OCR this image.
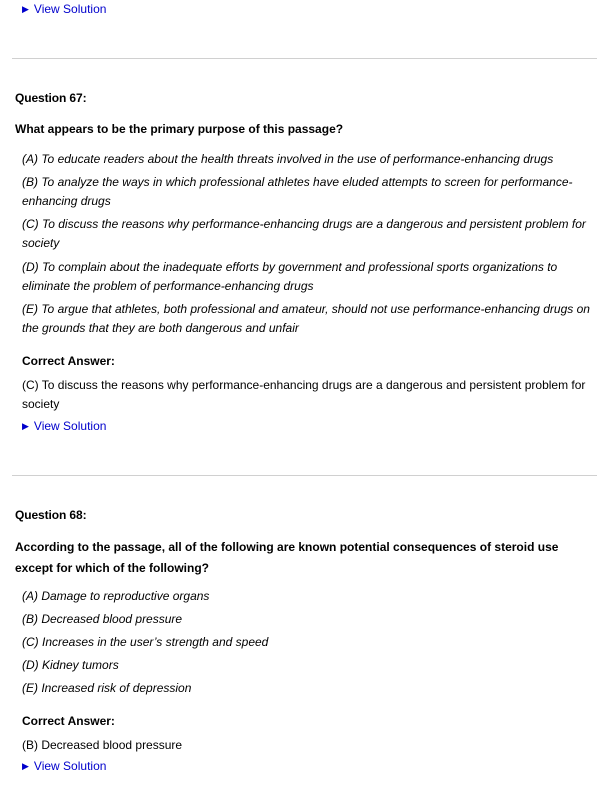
▶ View Solution
Question 67:
What appears to be the primary purpose of this passage?
(A) To educate readers about the health threats involved in the use of performance-enhancing drugs
(B) To analyze the ways in which professional athletes have eluded attempts to screen for performance-enhancing drugs
(C) To discuss the reasons why performance-enhancing drugs are a dangerous and persistent problem for society
(D) To complain about the inadequate efforts by government and professional sports organizations to eliminate the problem of performance-enhancing drugs
(E) To argue that athletes, both professional and amateur, should not use performance-enhancing drugs on the grounds that they are both dangerous and unfair
Correct Answer:
(C) To discuss the reasons why performance-enhancing drugs are a dangerous and persistent problem for society
▶ View Solution
Question 68:
According to the passage, all of the following are known potential consequences of steroid use except for which of the following?
(A) Damage to reproductive organs
(B) Decreased blood pressure
(C) Increases in the user’s strength and speed
(D) Kidney tumors
(E) Increased risk of depression
Correct Answer:
(B) Decreased blood pressure
▶ View Solution
